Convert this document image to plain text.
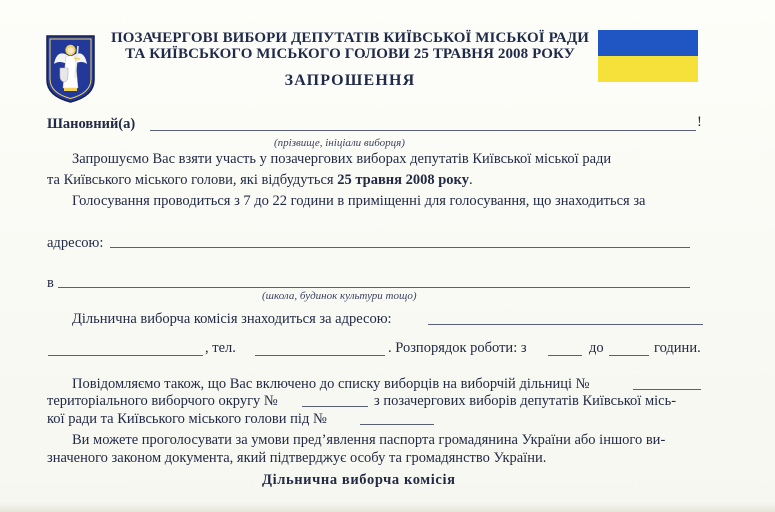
ПОЗАЧЕРГОВІ ВИБОРИ ДЕПУТАТІВ КИЇВСЬКОЇ МІСЬКОЇ РАДИ
ТА КИЇВСЬКОГО МІСЬКОГО ГОЛОВИ 25 ТРАВНЯ 2008 РОКУ
ЗАПРОШЕННЯ
Шановний(а)	!
(прізвище, ініціали виборця)
Запрошуємо Вас взяти участь у позачергових виборах депутатів Київської міської ради
та Київського міського голови, які відбудуться 25 травня 2008 року.
Голосування проводиться з 7 до 22 години в приміщенні для голосування, що знаходиться за
адресою:
в
(школа, будинок культури тощо)
Дільнична виборча комісія знаходиться за адресою:
, тел.	. Розпорядок роботи: з	до	години.
Повідомляємо також, що Вас включено до списку виборців на виборчій дільниці №
територіального виборчого округу №	з позачергових виборів депутатів Київської місь-
кої ради та Київського міського голови під №
Ви можете проголосувати за умови пред’явлення паспорта громадянина України або іншого ви-
значеного законом документа, який підтверджує особу та громадянство України.
Дільнична виборча комісія
